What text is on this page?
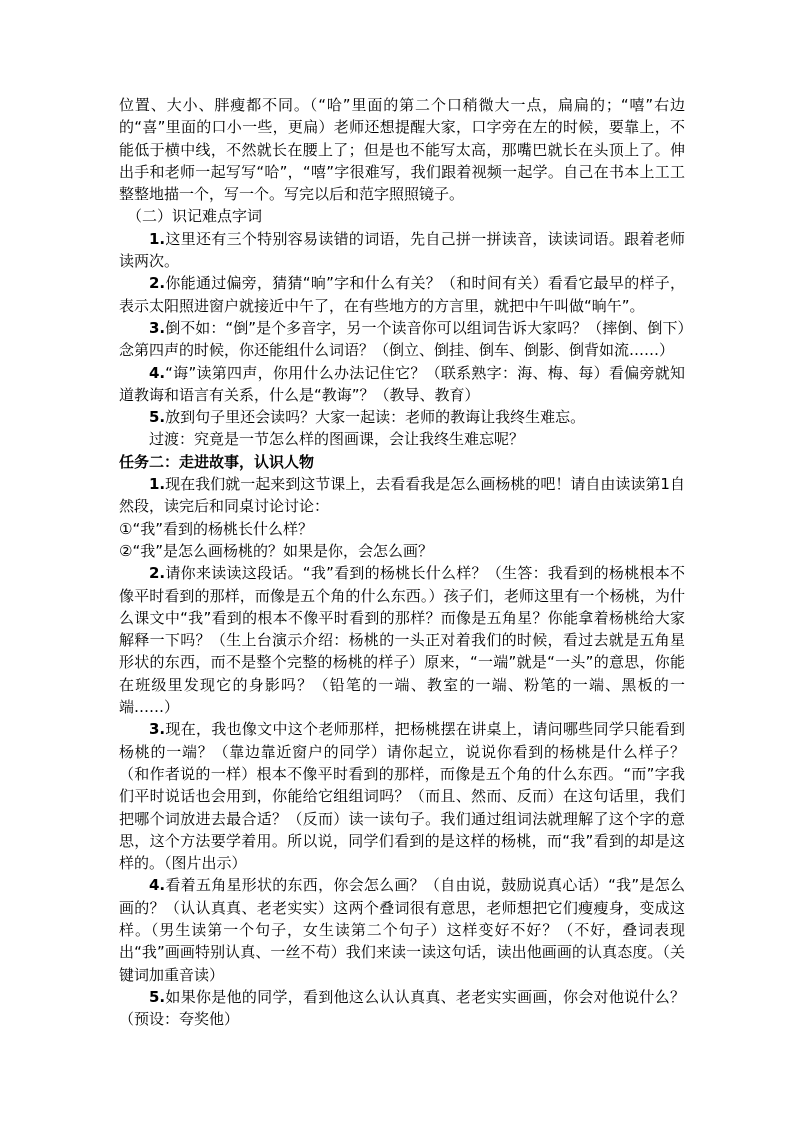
位置、大小、胖瘦都不同。（“哈”里面的第二个口稍微大一点，扁扁的；“嘻”右边的“喜”里面的口小一些，更扁）老师还想提醒大家，口字旁在左的时候，要靠上，不能低于横中线，不然就长在腰上了；但是也不能写太高，那嘴巴就长在头顶上了。伸出手和老师一起写写“哈”，“嘻”字很难写，我们跟着视频一起学。自己在书本上工工整整地描一个，写一个。写完以后和范字照照镜子。

（二）识记难点字词

1.这里还有三个特别容易读错的词语，先自己拼一拼读音，读读词语。跟着老师读两次。

2.你能通过偏旁，猜猜“晌”字和什么有关？（和时间有关）看看它最早的样子，表示太阳照进窗户就接近中午了，在有些地方的方言里，就把中午叫做“晌午”。

3.倒不如：“倒”是个多音字，另一个读音你可以组词告诉大家吗？（摔倒、倒下）念第四声的时候，你还能组什么词语？（倒立、倒挂、倒车、倒影、倒背如流……）

4.“诲”读第四声，你用什么办法记住它？（联系熟字：海、梅、每）看偏旁就知道教诲和语言有关系，什么是“教诲”？（教导、教育）

5.放到句子里还会读吗？大家一起读：老师的教诲让我终生难忘。

过渡：究竟是一节怎么样的图画课，会让我终生难忘呢？

任务二：走进故事，认识人物

1.现在我们就一起来到这节课上，去看看我是怎么画杨桃的吧！请自由读读第1自然段，读完后和同桌讨论讨论：

①“我”看到的杨桃长什么样？

②“我”是怎么画杨桃的？如果是你，会怎么画？

2.请你来读读这段话。“我”看到的杨桃长什么样？（生答：我看到的杨桃根本不像平时看到的那样，而像是五个角的什么东西。）孩子们，老师这里有一个杨桃，为什么课文中“我”看到的根本不像平时看到的那样？而像是五角星？你能拿着杨桃给大家解释一下吗？（生上台演示介绍：杨桃的一头正对着我们的时候，看过去就是五角星形状的东西，而不是整个完整的杨桃的样子）原来，“一端”就是“一头”的意思，你能在班级里发现它的身影吗？（铅笔的一端、教室的一端、粉笔的一端、黑板的一端……）

3.现在，我也像文中这个老师那样，把杨桃摆在讲桌上，请问哪些同学只能看到杨桃的一端？（靠边靠近窗户的同学）请你起立，说说你看到的杨桃是什么样子？（和作者说的一样）根本不像平时看到的那样，而像是五个角的什么东西。“而”字我们平时说话也会用到，你能给它组组词吗？（而且、然而、反而）在这句话里，我们把哪个词放进去最合适？（反而）读一读句子。我们通过组词法就理解了这个字的意思，这个方法要学着用。所以说，同学们看到的是这样的杨桃，而“我”看到的却是这样的。（图片出示）

4.看着五角星形状的东西，你会怎么画？（自由说，鼓励说真心话）“我”是怎么画的？（认认真真、老老实实）这两个叠词很有意思，老师想把它们瘦瘦身，变成这样。（男生读第一个句子，女生读第二个句子）这样变好不好？（不好，叠词表现出“我”画画特别认真、一丝不苟）我们来读一读这句话，读出他画画的认真态度。（关键词加重音读）

5.如果你是他的同学，看到他这么认认真真、老老实实画画，你会对他说什么？（预设：夸奖他）
